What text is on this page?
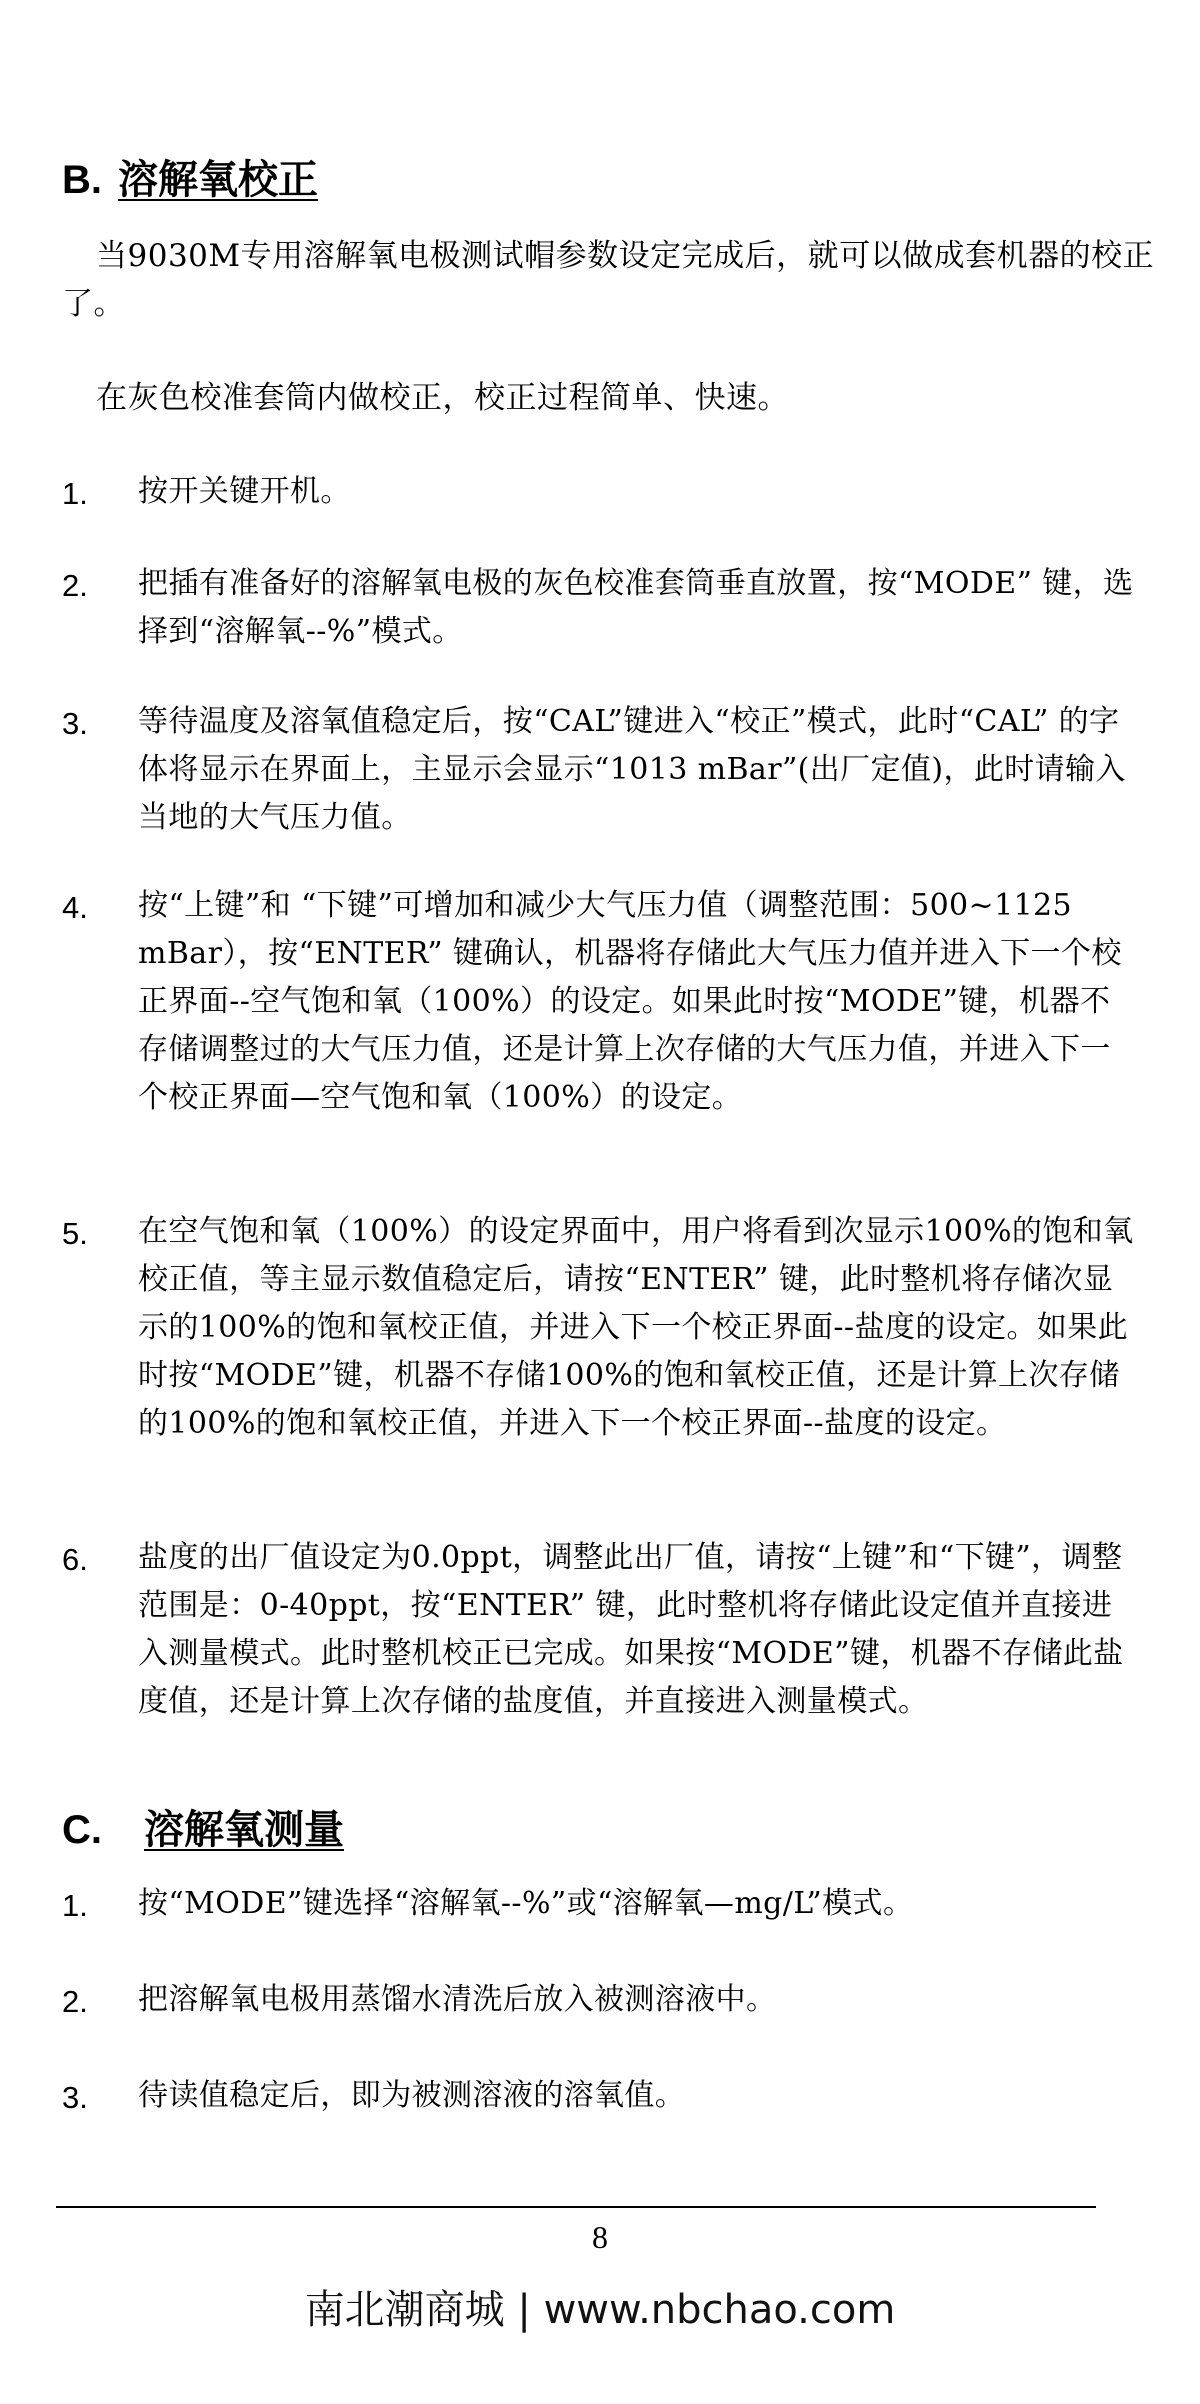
B. 溶解氧校正

当9030M专用溶解氧电极测试帽参数设定完成后，就可以做成套机器的校正了。

在灰色校准套筒内做校正，校正过程简单、快速。

1. 按开关键开机。
2. 把插有准备好的溶解氧电极的灰色校准套筒垂直放置，按“MODE” 键，选择到“溶解氧--%”模式。
3. 等待温度及溶氧值稳定后，按“CAL”键进入“校正”模式，此时“CAL” 的字体将显示在界面上，主显示会显示“1013 mBar”(出厂定值)，此时请输入当地的大气压力值。
4. 按“上键”和 “下键”可增加和减少大气压力值（调整范围：500~1125 mBar），按“ENTER” 键确认，机器将存储此大气压力值并进入下一个校正界面--空气饱和氧（100%）的设定。如果此时按“MODE”键，机器不存储调整过的大气压力值，还是计算上次存储的大气压力值，并进入下一个校正界面—空气饱和氧（100%）的设定。
5. 在空气饱和氧（100%）的设定界面中，用户将看到次显示100%的饱和氧校正值，等主显示数值稳定后，请按“ENTER” 键，此时整机将存储次显示的100%的饱和氧校正值，并进入下一个校正界面--盐度的设定。如果此时按“MODE”键，机器不存储100%的饱和氧校正值，还是计算上次存储的100%的饱和氧校正值，并进入下一个校正界面--盐度的设定。
6. 盐度的出厂值设定为0.0ppt，调整此出厂值，请按“上键”和“下键”，调整范围是：0-40ppt，按“ENTER” 键，此时整机将存储此设定值并直接进入测量模式。此时整机校正已完成。如果按“MODE”键，机器不存储此盐度值，还是计算上次存储的盐度值，并直接进入测量模式。
C. 溶解氧测量
1. 按“MODE”键选择“溶解氧--%”或“溶解氧—mg/L”模式。
2. 把溶解氧电极用蒸馏水清洗后放入被测溶液中。
3. 待读值稳定后，即为被测溶液的溶氧值。
8
南北潮商城 | www.nbchao.com
